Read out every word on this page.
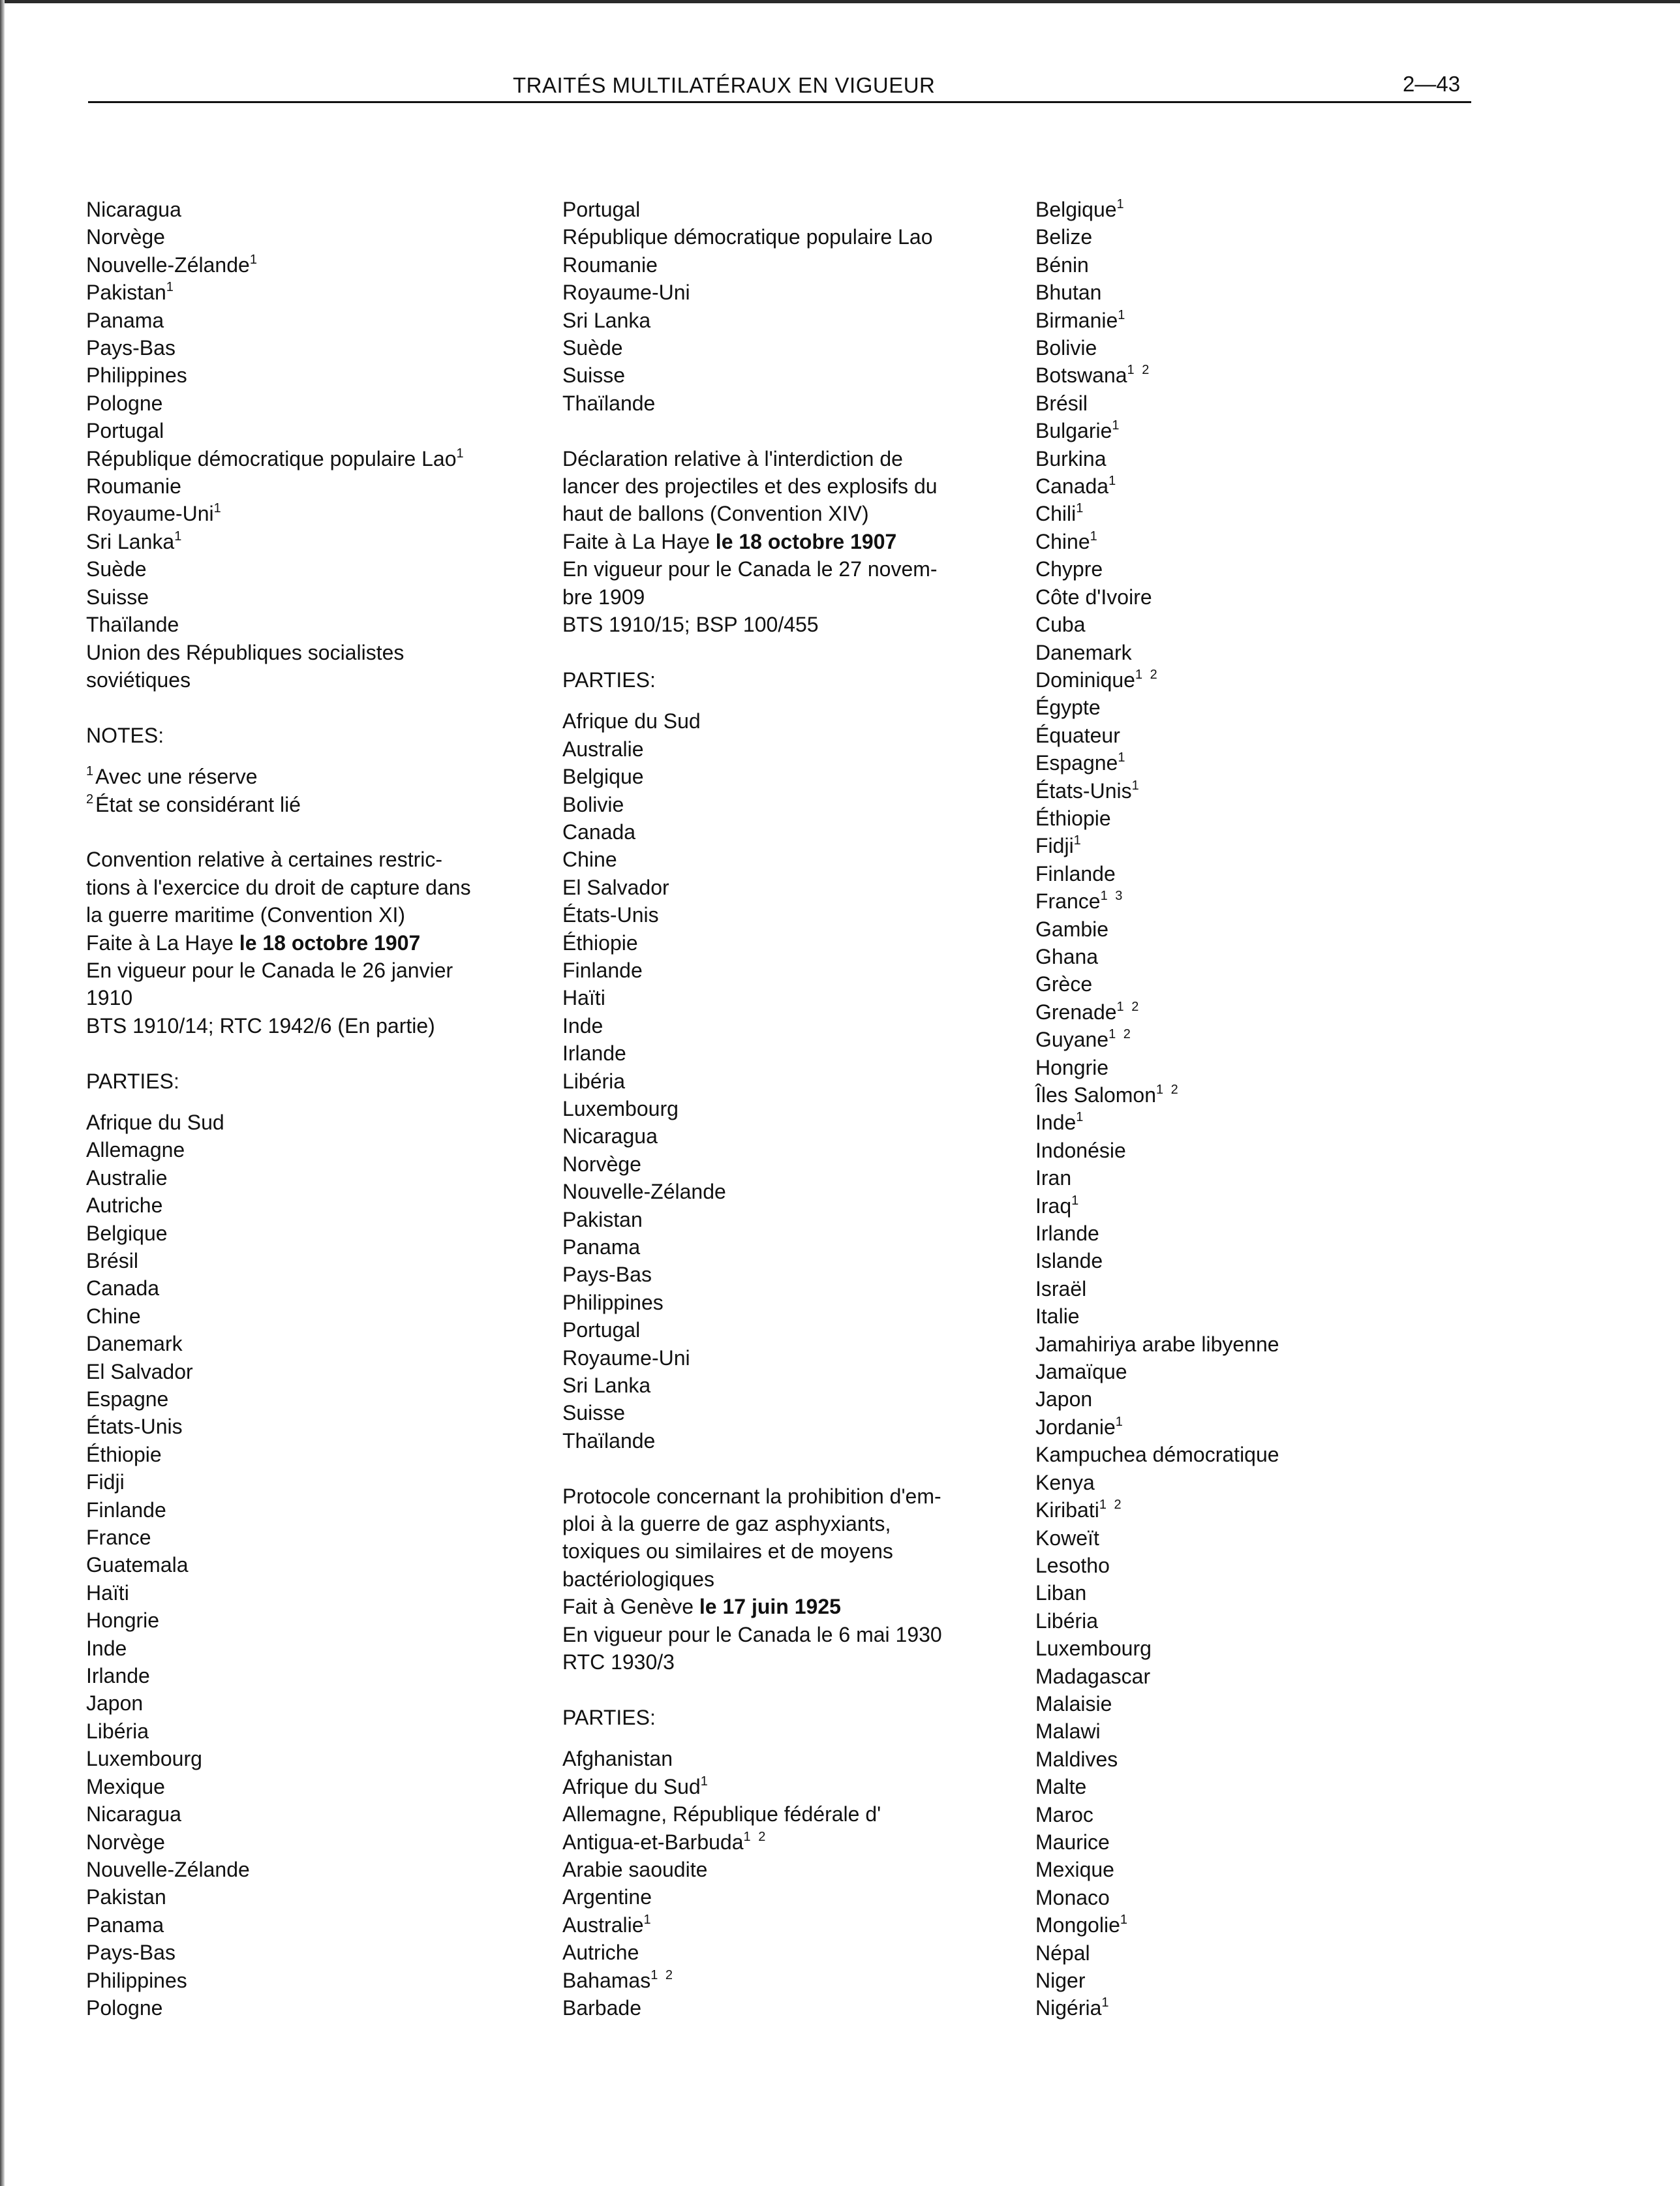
TRAITÉS MULTILATÉRAUX EN VIGUEUR	2—43
Nicaragua
Norvège
Nouvelle-Zélande$^1$
Pakistan$^1$
Panama
Pays-Bas
Philippines
Pologne
Portugal
République démocratique populaire Lao$^1$
Roumanie
Royaume-Uni$^1$
Sri Lanka$^1$
Suède
Suisse
Thaïlande
Union des Républiques socialistes
soviétiques
NOTES:
$^1$Avec une réserve
$^2$État se considérant lié
Convention relative à certaines restric-
tions à l'exercice du droit de capture dans
la guerre maritime (Convention XI)
Faite à La Haye le 18 octobre 1907
En vigueur pour le Canada le 26 janvier
1910
BTS 1910/14; RTC 1942/6 (En partie)
PARTIES:
Afrique du Sud
Allemagne
Australie
Autriche
Belgique
Brésil
Canada
Chine
Danemark
El Salvador
Espagne
États-Unis
Éthiopie
Fidji
Finlande
France
Guatemala
Haïti
Hongrie
Inde
Irlande
Japon
Libéria
Luxembourg
Mexique
Nicaragua
Norvège
Nouvelle-Zélande
Pakistan
Panama
Pays-Bas
Philippines
Pologne
Portugal
République démocratique populaire Lao
Roumanie
Royaume-Uni
Sri Lanka
Suède
Suisse
Thaïlande
Déclaration relative à l'interdiction de
lancer des projectiles et des explosifs du
haut de ballons (Convention XIV)
Faite à La Haye le 18 octobre 1907
En vigueur pour le Canada le 27 novem-
bre 1909
BTS 1910/15; BSP 100/455
PARTIES:
Afrique du Sud
Australie
Belgique
Bolivie
Canada
Chine
El Salvador
États-Unis
Éthiopie
Finlande
Haïti
Inde
Irlande
Libéria
Luxembourg
Nicaragua
Norvège
Nouvelle-Zélande
Pakistan
Panama
Pays-Bas
Philippines
Portugal
Royaume-Uni
Sri Lanka
Suisse
Thaïlande
Protocole concernant la prohibition d'em-
ploi à la guerre de gaz asphyxiants,
toxiques ou similaires et de moyens
bactériologiques
Fait à Genève le 17 juin 1925
En vigueur pour le Canada le 6 mai 1930
RTC 1930/3
PARTIES:
Afghanistan
Afrique du Sud$^1$
Allemagne, République fédérale d'
Antigua-et-Barbuda$^{1 2}$
Arabie saoudite
Argentine
Australie$^1$
Autriche
Bahamas$^{1 2}$
Barbade
Belgique$^1$
Belize
Bénin
Bhutan
Birmanie$^1$
Bolivie
Botswana$^{1 2}$
Brésil
Bulgarie$^1$
Burkina
Canada$^1$
Chili$^1$
Chine$^1$
Chypre
Côte d'Ivoire
Cuba
Danemark
Dominique$^{1 2}$
Égypte
Équateur
Espagne$^1$
États-Unis$^1$
Éthiopie
Fidji$^1$
Finlande
France$^{1 3}$
Gambie
Ghana
Grèce
Grenade$^{1 2}$
Guyane$^{1 2}$
Hongrie
Îles Salomon$^{1 2}$
Inde$^1$
Indonésie
Iran
Iraq$^1$
Irlande
Islande
Israël
Italie
Jamahiriya arabe libyenne
Jamaïque
Japon
Jordanie$^1$
Kampuchea démocratique
Kenya
Kiribati$^{1 2}$
Koweït
Lesotho
Liban
Libéria
Luxembourg
Madagascar
Malaisie
Malawi
Maldives
Malte
Maroc
Maurice
Mexique
Monaco
Mongolie$^1$
Népal
Niger
Nigéria$^1$
